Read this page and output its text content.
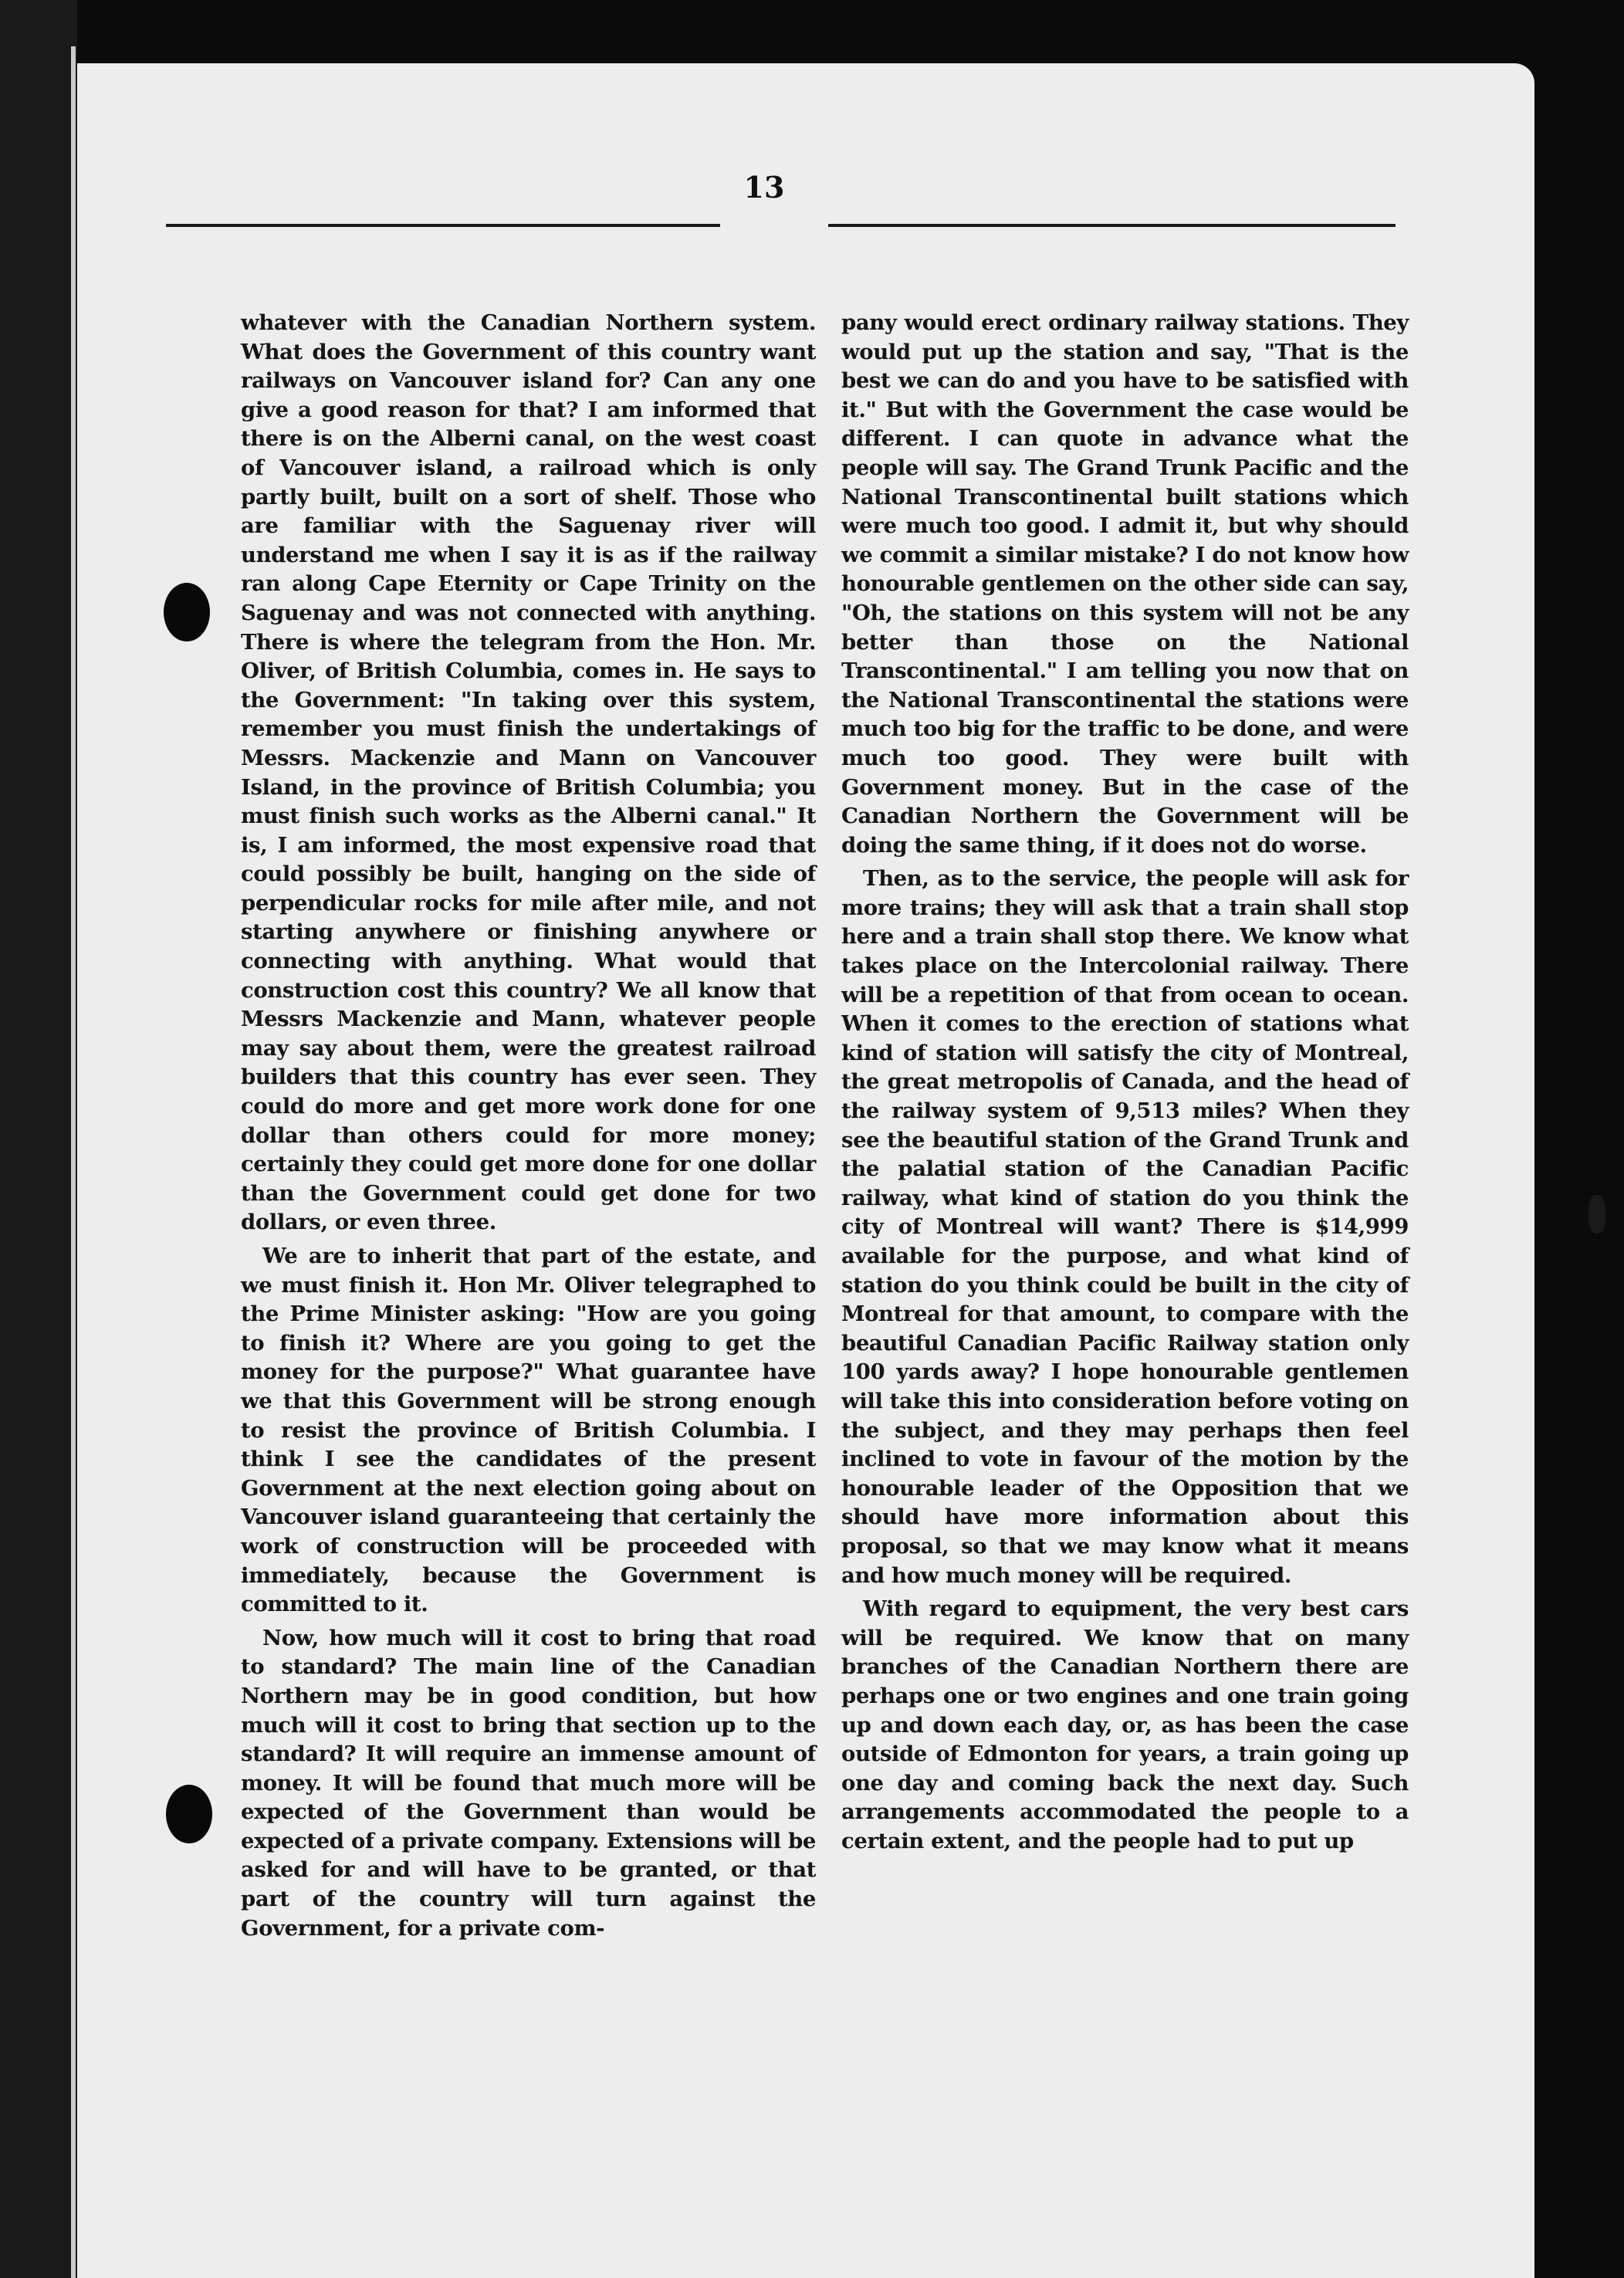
13

whatever with the Canadian Northern system. What does the Government of this country want railways on Vancouver island for? Can any one give a good reason for that? I am informed that there is on the Alberni canal, on the west coast of Vancouver island, a railroad which is only partly built, built on a sort of shelf. Those who are familiar with the Saguenay river will understand me when I say it is as if the railway ran along Cape Eternity or Cape Trinity on the Saguenay and was not connected with anything. There is where the telegram from the Hon. Mr. Oliver, of British Columbia, comes in. He says to the Government: "In taking over this system, remember you must finish the undertakings of Messrs. Mackenzie and Mann on Vancouver Island, in the province of British Columbia; you must finish such works as the Alberni canal." It is, I am informed, the most expensive road that could possibly be built, hanging on the side of perpendicular rocks for mile after mile, and not starting anywhere or finishing anywhere or connecting with anything. What would that construction cost this country? We all know that Messrs Mackenzie and Mann, whatever people may say about them, were the greatest railroad builders that this country has ever seen. They could do more and get more work done for one dollar than others could for more money; certainly they could get more done for one dollar than the Government could get done for two dollars, or even three.

We are to inherit that part of the estate, and we must finish it. Hon Mr. Oliver telegraphed to the Prime Minister asking: "How are you going to finish it? Where are you going to get the money for the purpose?" What guarantee have we that this Government will be strong enough to resist the province of British Columbia. I think I see the candidates of the present Government at the next election going about on Vancouver island guaranteeing that certainly the work of construction will be proceeded with immediately, because the Government is committed to it.

Now, how much will it cost to bring that road to standard? The main line of the Canadian Northern may be in good condition, but how much will it cost to bring that section up to the standard? It will require an immense amount of money. It will be found that much more will be expected of the Government than would be expected of a private company. Extensions will be asked for and will have to be granted, or that part of the country will turn against the Government, for a private com-

pany would erect ordinary railway stations. They would put up the station and say, "That is the best we can do and you have to be satisfied with it." But with the Government the case would be different. I can quote in advance what the people will say. The Grand Trunk Pacific and the National Transcontinental built stations which were much too good. I admit it, but why should we commit a similar mistake? I do not know how honourable gentlemen on the other side can say, "Oh, the stations on this system will not be any better than those on the National Transcontinental." I am telling you now that on the National Transcontinental the stations were much too big for the traffic to be done, and were much too good. They were built with Government money. But in the case of the Canadian Northern the Government will be doing the same thing, if it does not do worse.

Then, as to the service, the people will ask for more trains; they will ask that a train shall stop here and a train shall stop there. We know what takes place on the Intercolonial railway. There will be a repetition of that from ocean to ocean. When it comes to the erection of stations what kind of station will satisfy the city of Montreal, the great metropolis of Canada, and the head of the railway system of 9,513 miles? When they see the beautiful station of the Grand Trunk and the palatial station of the Canadian Pacific railway, what kind of station do you think the city of Montreal will want? There is $14,999 available for the purpose, and what kind of station do you think could be built in the city of Montreal for that amount, to compare with the beautiful Canadian Pacific Railway station only 100 yards away? I hope honourable gentlemen will take this into consideration before voting on the subject, and they may perhaps then feel inclined to vote in favour of the motion by the honourable leader of the Opposition that we should have more information about this proposal, so that we may know what it means and how much money will be required.

With regard to equipment, the very best cars will be required. We know that on many branches of the Canadian Northern there are perhaps one or two engines and one train going up and down each day, or, as has been the case outside of Edmonton for years, a train going up one day and coming back the next day. Such arrangements accommodated the people to a certain extent, and the people had to put up
